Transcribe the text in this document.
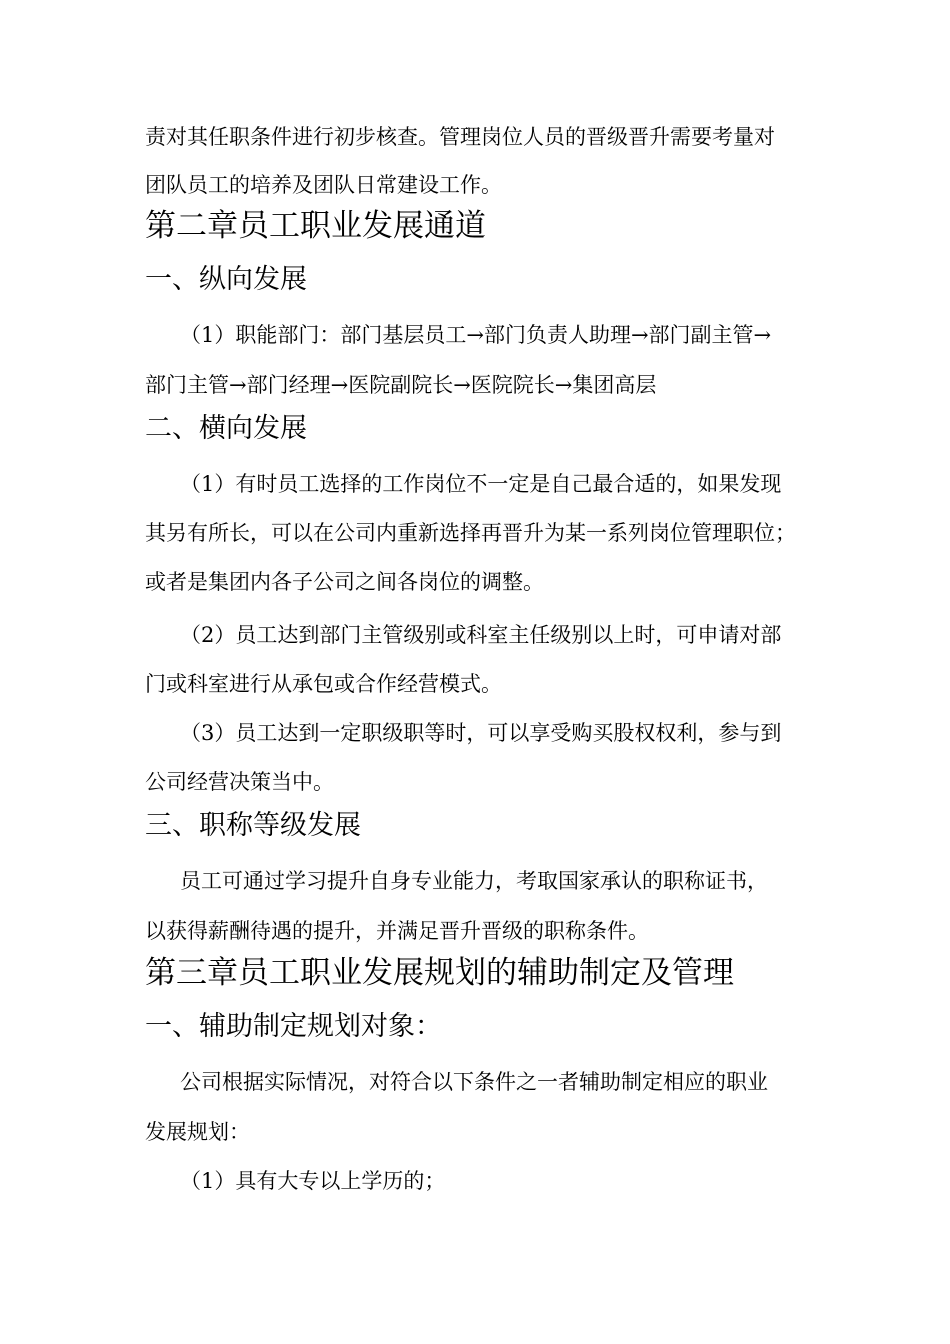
责对其任职条件进行初步核查。管理岗位人员的晋级晋升需要考量对

团队员工的培养及团队日常建设工作。

第二章员工职业发展通道
一、纵向发展

（1）职能部门：部门基层员工→部门负责人助理→部门副主管→

部门主管→部门经理→医院副院长→医院院长→集团高层

二、横向发展

（1）有时员工选择的工作岗位不一定是自己最合适的，如果发现

其另有所长，可以在公司内重新选择再晋升为某一系列岗位管理职位；

或者是集团内各子公司之间各岗位的调整。

（2）员工达到部门主管级别或科室主任级别以上时，可申请对部

门或科室进行从承包或合作经营模式。

（3）员工达到一定职级职等时，可以享受购买股权权利，参与到

公司经营决策当中。

三、职称等级发展

员工可通过学习提升自身专业能力，考取国家承认的职称证书，

以获得薪酬待遇的提升，并满足晋升晋级的职称条件。

第三章员工职业发展规划的辅助制定及管理
一、辅助制定规划对象：

公司根据实际情况，对符合以下条件之一者辅助制定相应的职业

发展规划：

（1）具有大专以上学历的；
